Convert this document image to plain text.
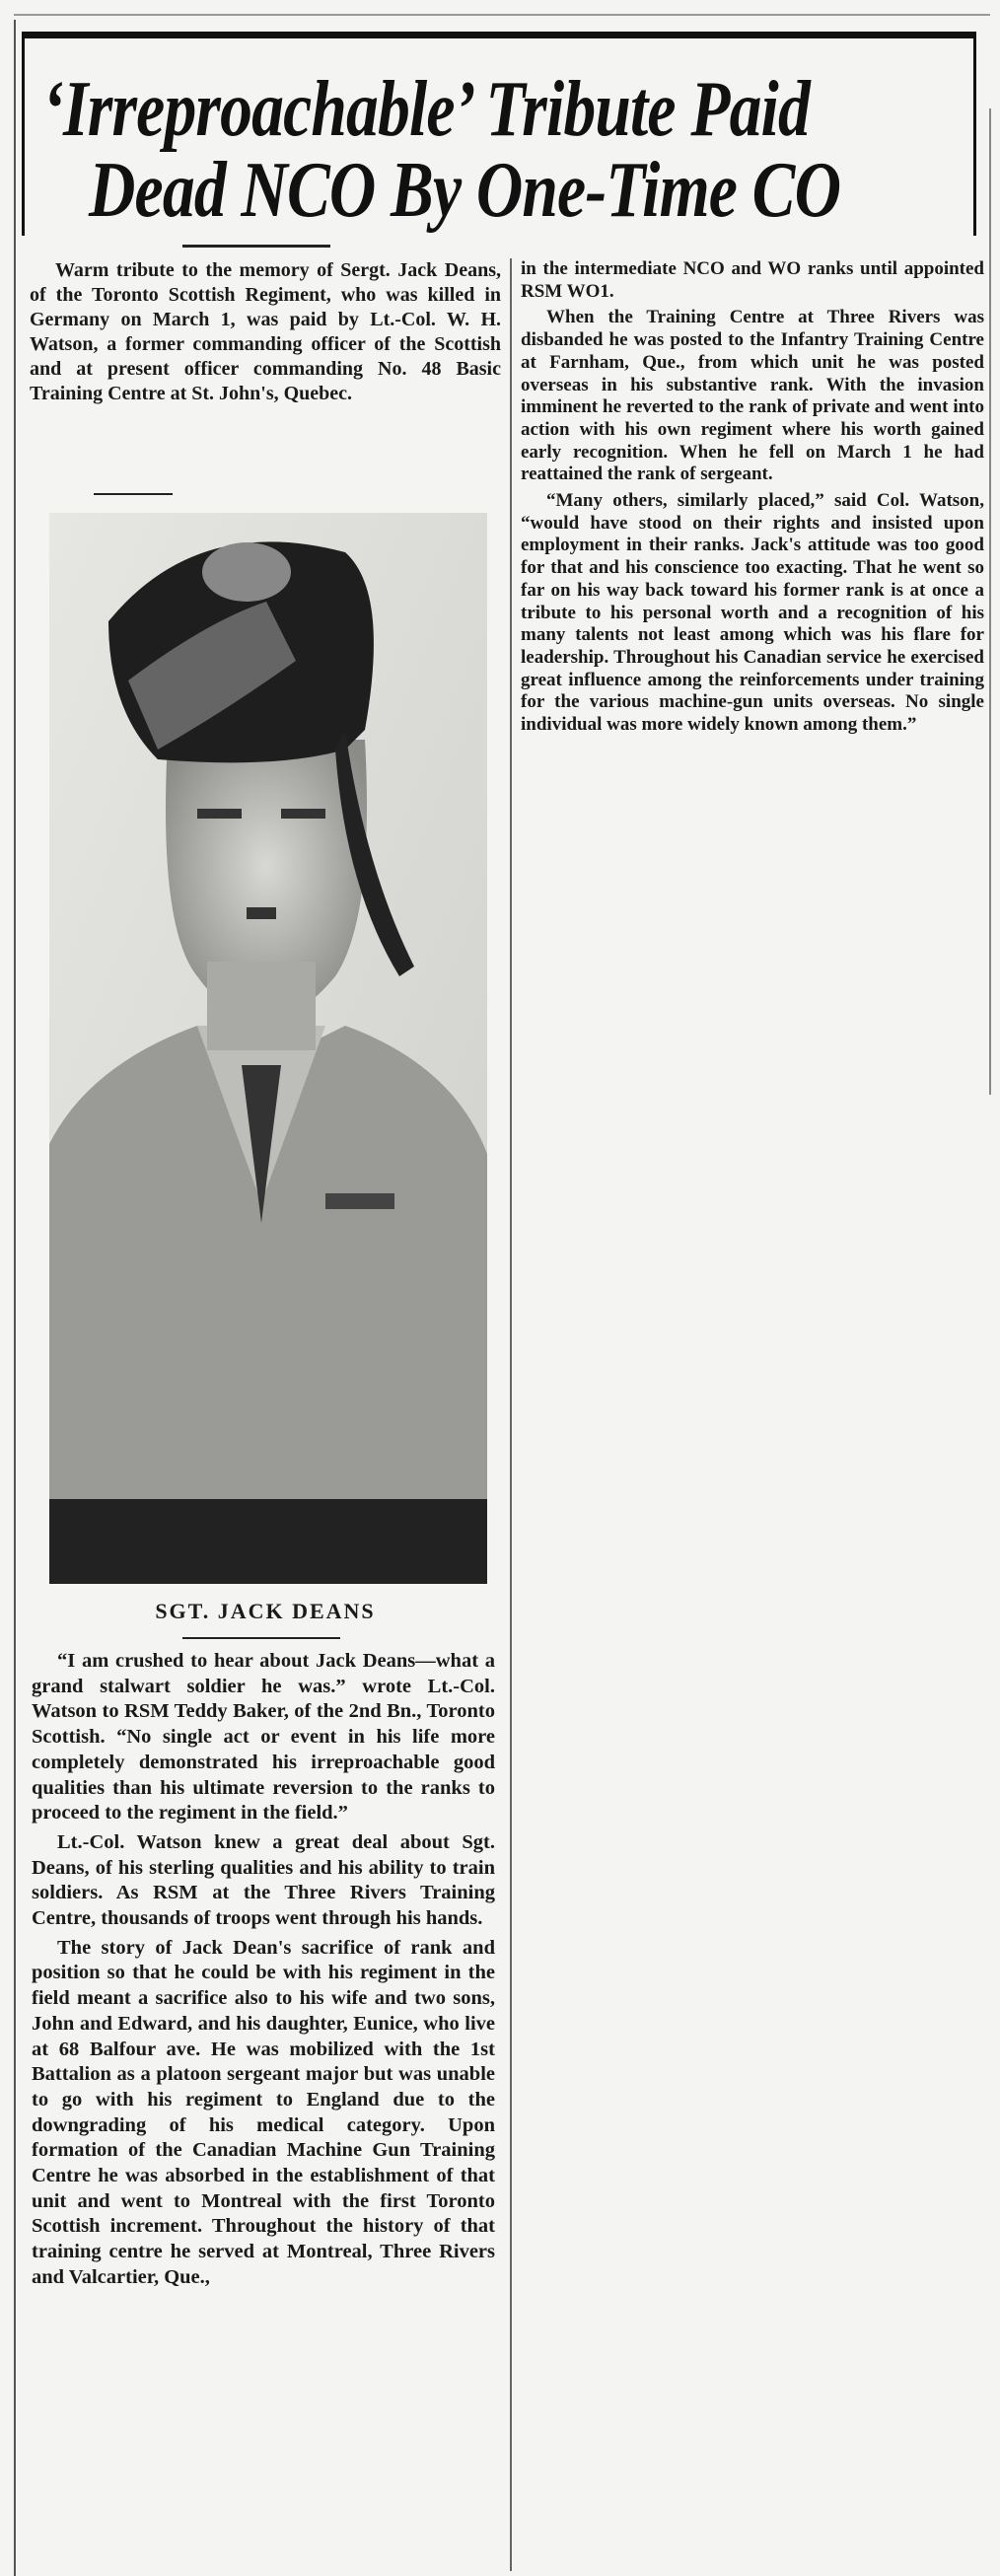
‘Irreproachable’ Tribute Paid
Dead NCO By One-Time CO

Warm tribute to the memory of Sergt. Jack Deans, of the Toronto Scottish Regiment, who was killed in Germany on March 1, was paid by Lt.-Col. W. H. Watson, a former commanding officer of the Scottish and at present officer commanding No. 48 Basic Training Centre at St. John's, Quebec.

SGT. JACK DEANS

“I am crushed to hear about Jack Deans—what a grand stalwart soldier he was.” wrote Lt.-Col. Watson to RSM Teddy Baker, of the 2nd Bn., Toronto Scottish. “No single act or event in his life more completely demonstrated his irreproachable good qualities than his ultimate reversion to the ranks to proceed to the regiment in the field.”

Lt.-Col. Watson knew a great deal about Sgt. Deans, of his sterling qualities and his ability to train soldiers. As RSM at the Three Rivers Training Centre, thousands of troops went through his hands.

The story of Jack Dean's sacrifice of rank and position so that he could be with his regiment in the field meant a sacrifice also to his wife and two sons, John and Edward, and his daughter, Eunice, who live at 68 Balfour ave. He was mobilized with the 1st Battalion as a platoon sergeant major but was unable to go with his regiment to England due to the downgrading of his medical category. Upon formation of the Canadian Machine Gun Training Centre he was absorbed in the establishment of that unit and went to Montreal with the first Toronto Scottish increment. Throughout the history of that training centre he served at Montreal, Three Rivers and Valcartier, Que.,

in the intermediate NCO and WO ranks until appointed RSM WO1.

When the Training Centre at Three Rivers was disbanded he was posted to the Infantry Training Centre at Farnham, Que., from which unit he was posted overseas in his substantive rank. With the invasion imminent he reverted to the rank of private and went into action with his own regiment where his worth gained early recognition. When he fell on March 1 he had reattained the rank of sergeant.

“Many others, similarly placed,” said Col. Watson, “would have stood on their rights and insisted upon employment in their ranks. Jack's attitude was too good for that and his conscience too exacting. That he went so far on his way back toward his former rank is at once a tribute to his personal worth and a recognition of his many talents not least among which was his flare for leadership. Throughout his Canadian service he exercised great influence among the reinforcements under training for the various machine-gun units overseas. No single individual was more widely known among them.”
